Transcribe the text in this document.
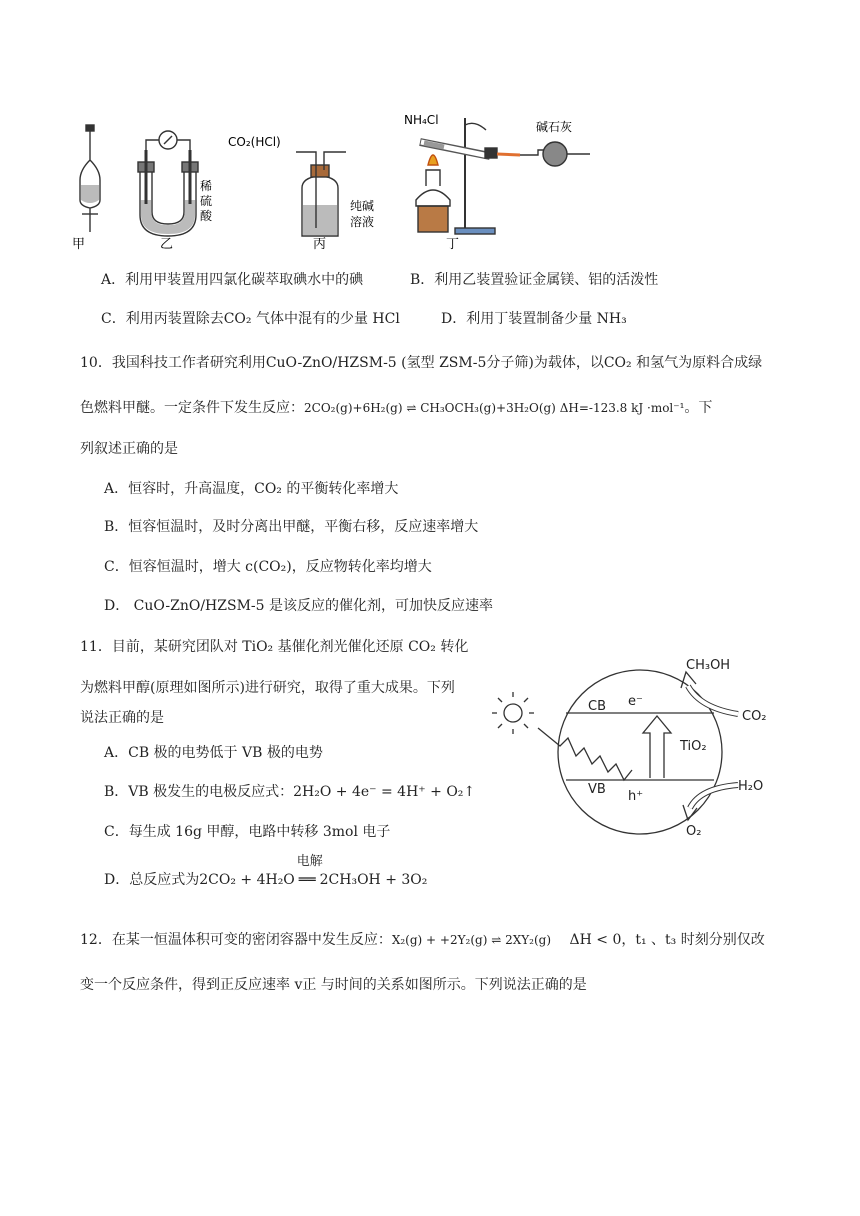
甲	乙	丙	丁
稀
硫
酸
CO₂(HCl)
纯碱
溶液
NH₄Cl	碱石灰
A．利用甲装置用四氯化碳萃取碘水中的碘	B．利用乙装置验证金属镁、铝的活泼性
C．利用丙装置除去CO₂ 气体中混有的少量 HCl	D．利用丁装置制备少量 NH₃
10．我国科技工作者研究利用CuO-ZnO/HZSM-5 (氢型 ZSM-5分子筛)为载体，以CO₂ 和氢气为原料合成绿
色燃料甲醚。一定条件下发生反应：2CO₂(g)+6H₂(g) ⇌ CH₃OCH₃(g)+3H₂O(g) ΔH=-123.8 kJ ·mol⁻¹。下
列叙述正确的是
A．恒容时，升高温度，CO₂ 的平衡转化率增大
B．恒容恒温时，及时分离出甲醚，平衡右移，反应速率增大
C．恒容恒温时，增大 c(CO₂)，反应物转化率均增大
D． CuO-ZnO/HZSM-5 是该反应的催化剂，可加快反应速率
11．目前，某研究团队对 TiO₂ 基催化剂光催化还原 CO₂ 转化
为燃料甲醇(原理如图所示)进行研究，取得了重大成果。下列
说法正确的是
A．CB 极的电势低于 VB 极的电势
B．VB 极发生的电极反应式：2H₂O + 4e⁻ = 4H⁺ + O₂↑
C．每生成 16g 甲醇，电路中转移 3mol 电子
D．总反应式为2CO₂ + 4H₂O
电解
══ 2CH₃OH + 3O₂
CH₃OH
CO₂
CB
VB
e⁻
h⁺
TiO₂
H₂O
O₂
12．在某一恒温体积可变的密闭容器中发生反应：X₂(g) + +2Y₂(g) ⇌ 2XY₂(g)　 ΔH < 0，t₁ 、t₃ 时刻分别仅改
变一个反应条件，得到正反应速率 v正 与时间的关系如图所示。下列说法正确的是
